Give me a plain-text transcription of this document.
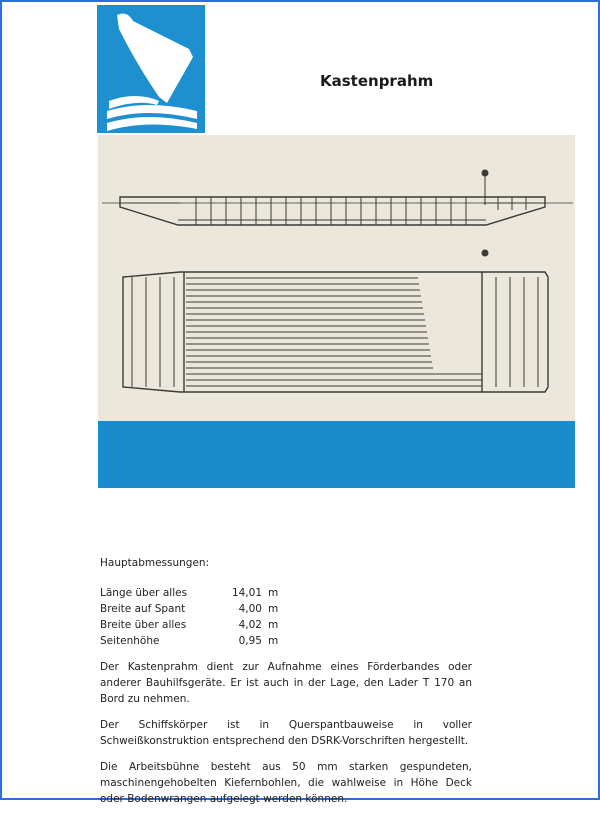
Kastenprahm
Hauptabmessungen:
Länge über alles	14,01 m
Breite auf Spant	4,00 m
Breite über alles	4,02 m
Seitenhöhe	0,95 m

Der Kastenprahm dient zur Aufnahme eines Förderbandes oder anderer Bauhilfsgeräte. Er ist auch in der Lage, den Lader T 170 an Bord zu nehmen.

Der Schiffskörper ist in Querspantbauweise in voller Schweißkonstruktion entsprechend den DSRK-Vorschriften hergestellt.

Die Arbeitsbühne besteht aus 50 mm starken gespundeten, maschinengehobelten Kiefernbohlen, die wahlweise in Höhe Deck oder Bodenwrangen aufgelegt werden können.
